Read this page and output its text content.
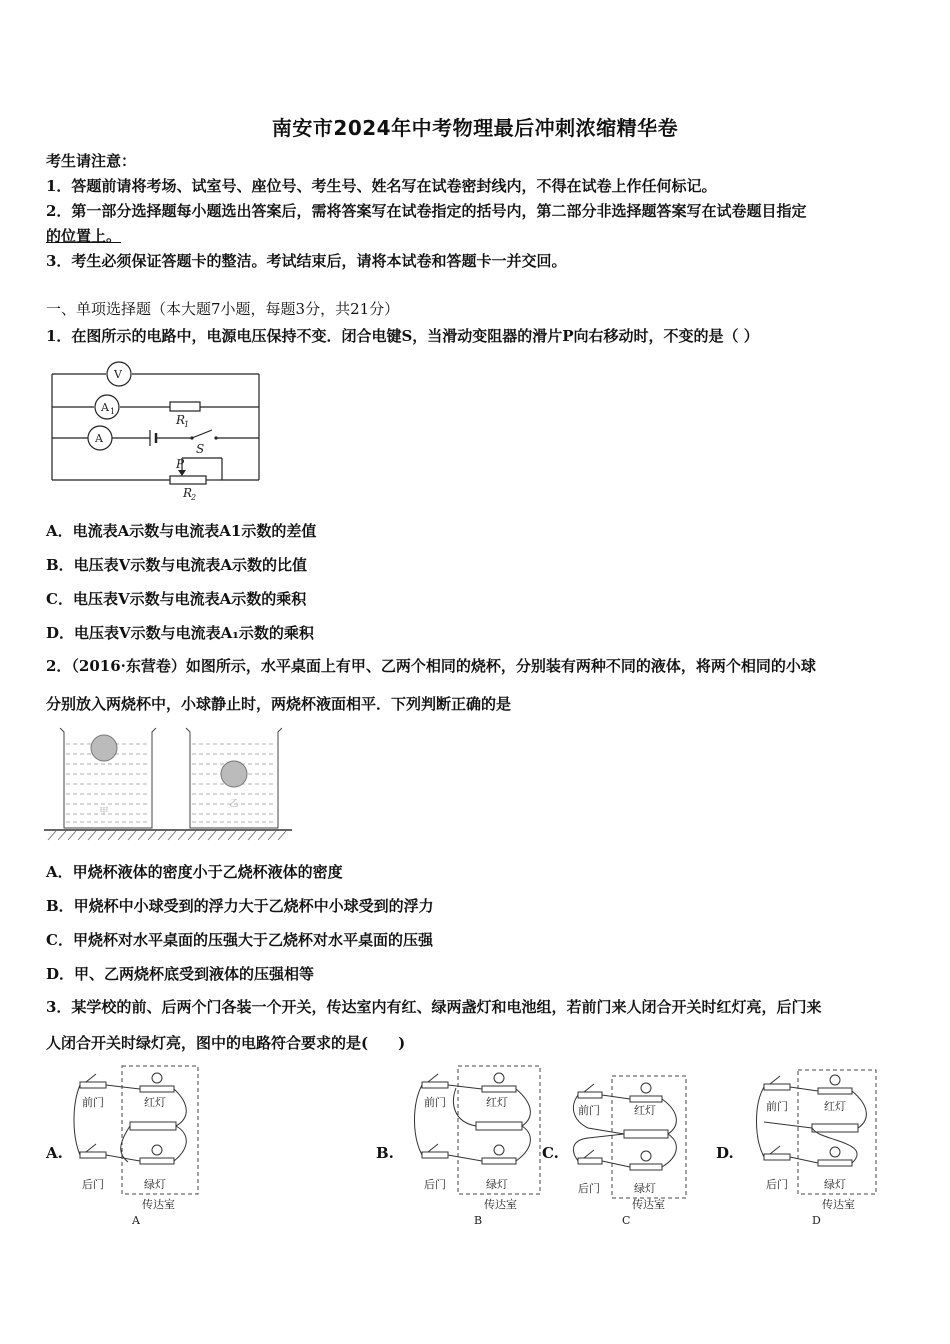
南安市2024年中考物理最后冲刺浓缩精华卷
考生请注意：
1．答题前请将考场、试室号、座位号、考生号、姓名写在试卷密封线内，不得在试卷上作任何标记。
2．第一部分选择题每小题选出答案后，需将答案写在试卷指定的括号内，第二部分非选择题答案写在试卷题目指定
的位置上。
3．考生必须保证答题卡的整洁。考试结束后，请将本试卷和答题卡一并交回。
一、单项选择题（本大题7小题，每题3分，共21分）
1．在图所示的电路中，电源电压保持不变．闭合电键S，当滑动变阻器的滑片P向右移动时，不变的是（ ）
V
A 1
A
R
1
S
P
R
2
A．电流表A示数与电流表A1示数的差值
B．电压表V示数与电流表A示数的比值
C．电压表V示数与电流表A示数的乘积
D．电压表V示数与电流表A₁示数的乘积
2．（2016·东营卷）如图所示，水平桌面上有甲、乙两个相同的烧杯，分别装有两种不同的液体，将两个相同的小球
分别放入两烧杯中，小球静止时，两烧杯液面相平．下列判断正确的是
甲
乙
A．甲烧杯液体的密度小于乙烧杯液体的密度
B．甲烧杯中小球受到的浮力大于乙烧杯中小球受到的浮力
C．甲烧杯对水平桌面的压强大于乙烧杯对水平桌面的压强
D．甲、乙两烧杯底受到液体的压强相等
3．某学校的前、后两个门各装一个开关，传达室内有红、绿两盏灯和电池组，若前门来人闭合开关时红灯亮，后门来
人闭合开关时绿灯亮，图中的电路符合要求的是(　　)
A.	B.	C.	D.
前门	红灯
后门	绿灯
传达室
A
前门	红灯
后门	绿灯
传达室
B
前门	红灯
后门	绿灯
传达室
C
前门	红灯
后门	绿灯
传达室
D
